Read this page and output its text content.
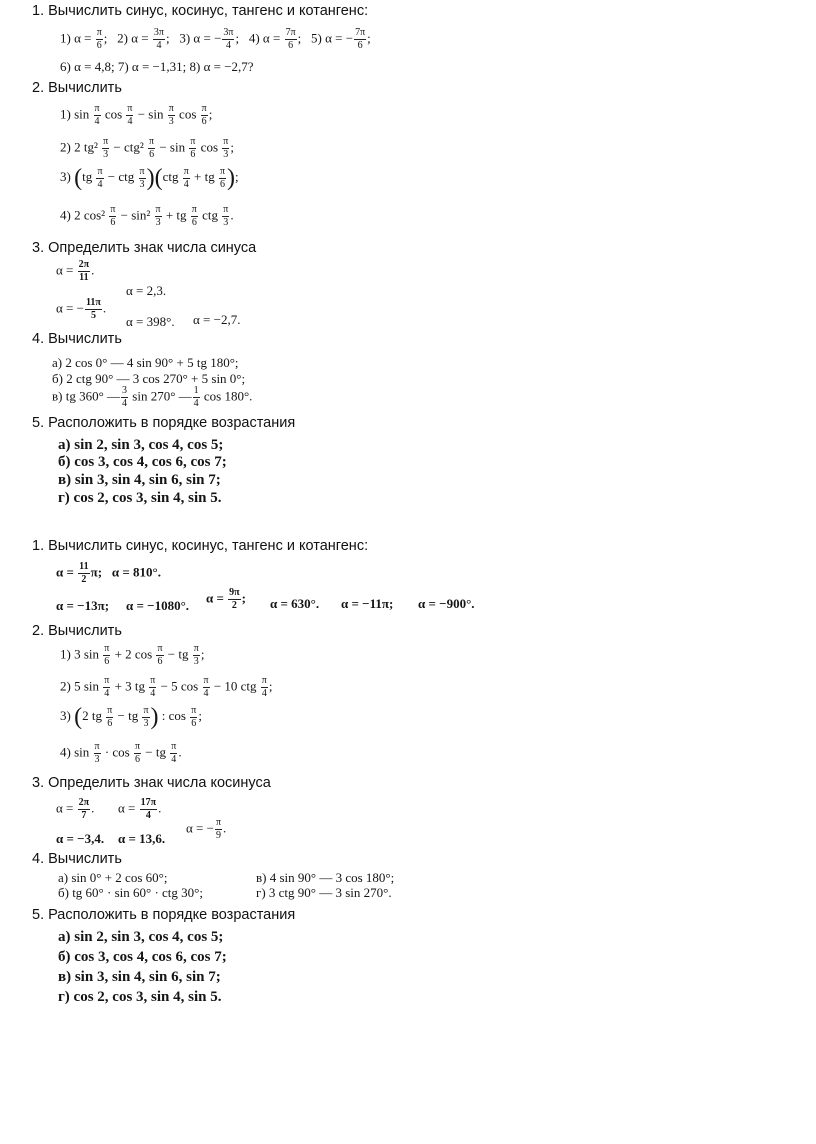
1. Вычислить синус, косинус, тангенс и котангенс:
1) $\alpha = \frac{\pi}{6}$ ; 2) $\alpha = \frac{3\pi}{4}$ ; 3) α = − $\frac{3\pi}{4}$ ; 4) $\alpha = \frac{7\pi}{6}$ ; 5) α = − $\frac{7\pi}{6}$ ;
6) α = 4,8; 7) α = −1,31; 8) α = −2,7?
2. Вычислить
1) $\sin \frac{\pi}{4}$ $\cos \frac{\pi}{4} - \sin \frac{\pi}{3}$ $\cos \frac{\pi}{6}$ ;
2) 2 $tg^2 \frac{\pi}{3} - ctg^2 \frac{\pi}{6} - \sin \frac{\pi}{6}$ $\cos \frac{\pi}{3}$ ;
3) ($tg \frac{\pi}{4}$ − ctg $\frac{\pi}{3} )(ctg \frac{\pi}{4}$ + tg $\frac{\pi}{6}$ );
4) 2 $\cos^2 \frac{\pi}{6} - \sin^2 \frac{\pi}{3}$ + tg $\frac{\pi}{6}$ ctg $\frac{\pi}{3}$ .
3. Определить знак числа синуса
$\alpha = \frac{2\pi}{11}$ .
α = 2,3.
α = − $\frac{11\pi}{5}$ .
α = 398°. α = −2,7.
4. Вычислить
а) 2 cos 0° — 4 sin 90° + 5 tg 180°;
б) 2 ctg 90° — 3 cos 270° + 5 sin 0°;
в) tg 360° — $\frac{3}{4}$ sin 270° — $\frac{1}{4}$ cos 180°.
5. Расположить в порядке возрастания
а) sin 2, sin 3, cos 4, cos 5;
б) cos 3, cos 4, cos 6, cos 7;
в) sin 3, sin 4, sin 6, sin 7;
г) cos 2, cos 3, sin 4, sin 5.
1. Вычислить синус, косинус, тангенс и котангенс:
$\alpha = \frac{11}{2} \pi$; α = 810°.
α = −13π; α = −1080°.
$\alpha = \frac{9\pi}{2}$ ; α = 630°. α = −11π; α = −900°.
2. Вычислить
1) 3 $\sin \frac{\pi}{6} + 2$ $\cos \frac{\pi}{6}$ − tg $\frac{\pi}{3}$ ;
2) 5 $\sin \frac{\pi}{4} + 3$ tg $\frac{\pi}{4} - 5$ $\cos \frac{\pi}{4} - 10$ ctg $\frac{\pi}{4}$ ;
3) (2 tg $\frac{\pi}{6}$ − tg $\frac{\pi}{3}$ ) : $\cos \frac{\pi}{6}$ ;
4) $\sin \frac{\pi}{3} \cdot \cos \frac{\pi}{6}$ − tg $\frac{\pi}{4}$ .
3. Определить знак числа косинуса
$\alpha = \frac{2\pi}{7}$ . $\alpha = \frac{17\pi}{4}$ .
α = −3,4. α = 13,6.
α = − $\frac{\pi}{9}$ .
4. Вычислить
а) sin 0° + 2 cos 60°;
б) tg 60° · sin 60° · ctg 30°;
в) 4 sin 90° — 3 cos 180°;
г) 3 ctg 90° — 3 sin 270°.
5. Расположить в порядке возрастания
а) sin 2, sin 3, cos 4, cos 5;
б) cos 3, cos 4, cos 6, cos 7;
в) sin 3, sin 4, sin 6, sin 7;
г) cos 2, cos 3, sin 4, sin 5.
